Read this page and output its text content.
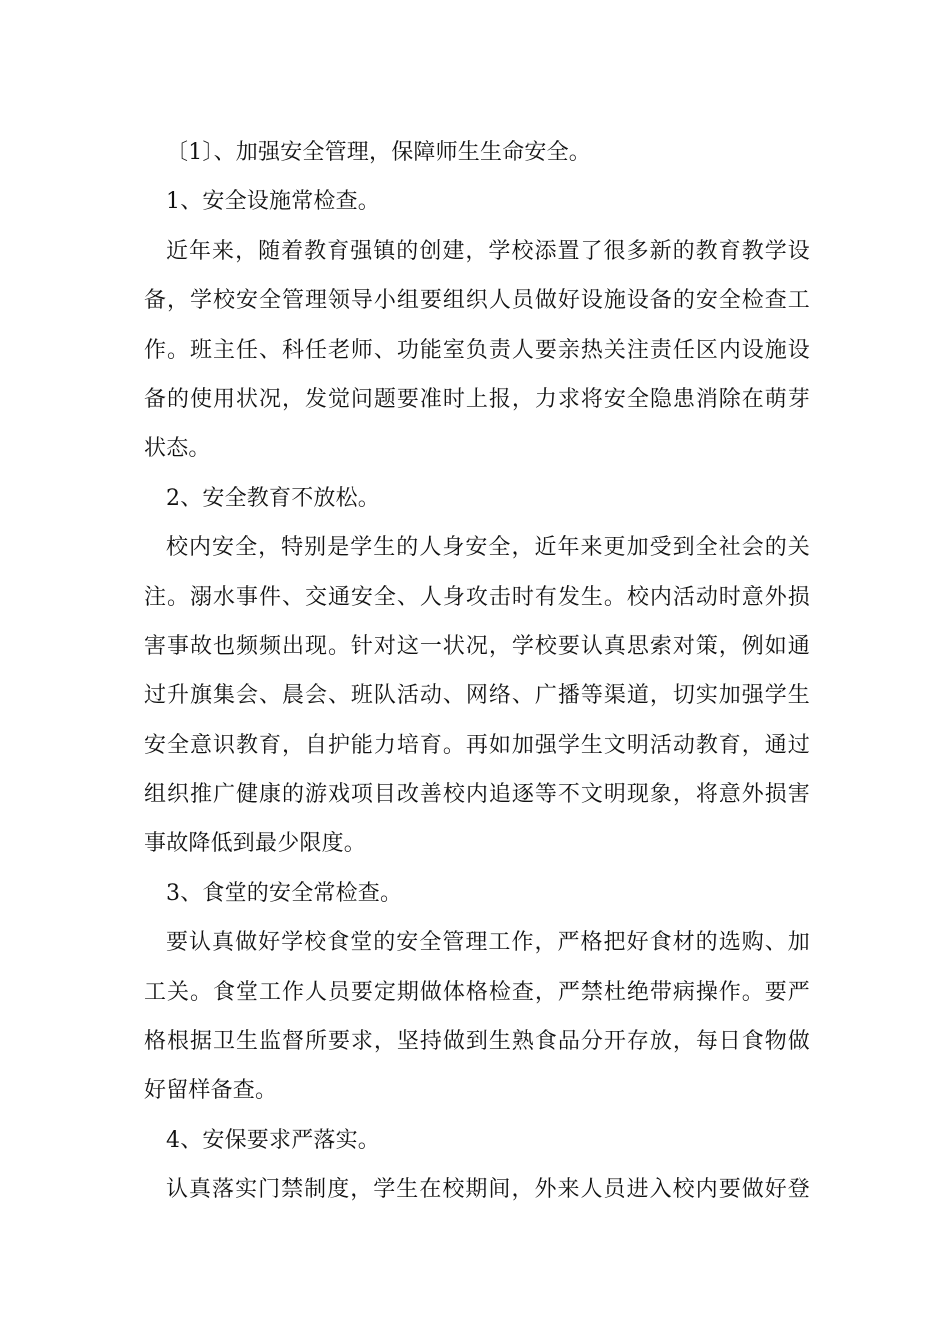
〔1〕、加强安全管理，保障师生生命安全。
1、安全设施常检查。
近年来，随着教育强镇的创建，学校添置了很多新的教育教学设
备，学校安全管理领导小组要组织人员做好设施设备的安全检查工
作。班主任、科任老师、功能室负责人要亲热关注责任区内设施设
备的使用状况，发觉问题要准时上报，力求将安全隐患消除在萌芽
状态。
2、安全教育不放松。
校内安全，特别是学生的人身安全，近年来更加受到全社会的关
注。溺水事件、交通安全、人身攻击时有发生。校内活动时意外损
害事故也频频出现。针对这一状况，学校要认真思索对策，例如通
过升旗集会、晨会、班队活动、网络、广播等渠道，切实加强学生
安全意识教育，自护能力培育。再如加强学生文明活动教育，通过
组织推广健康的游戏项目改善校内追逐等不文明现象，将意外损害
事故降低到最少限度。
3、食堂的安全常检查。
要认真做好学校食堂的安全管理工作，严格把好食材的选购、加
工关。食堂工作人员要定期做体格检查，严禁杜绝带病操作。要严
格根据卫生监督所要求，坚持做到生熟食品分开存放，每日食物做
好留样备查。
4、安保要求严落实。
认真落实门禁制度，学生在校期间，外来人员进入校内要做好登
